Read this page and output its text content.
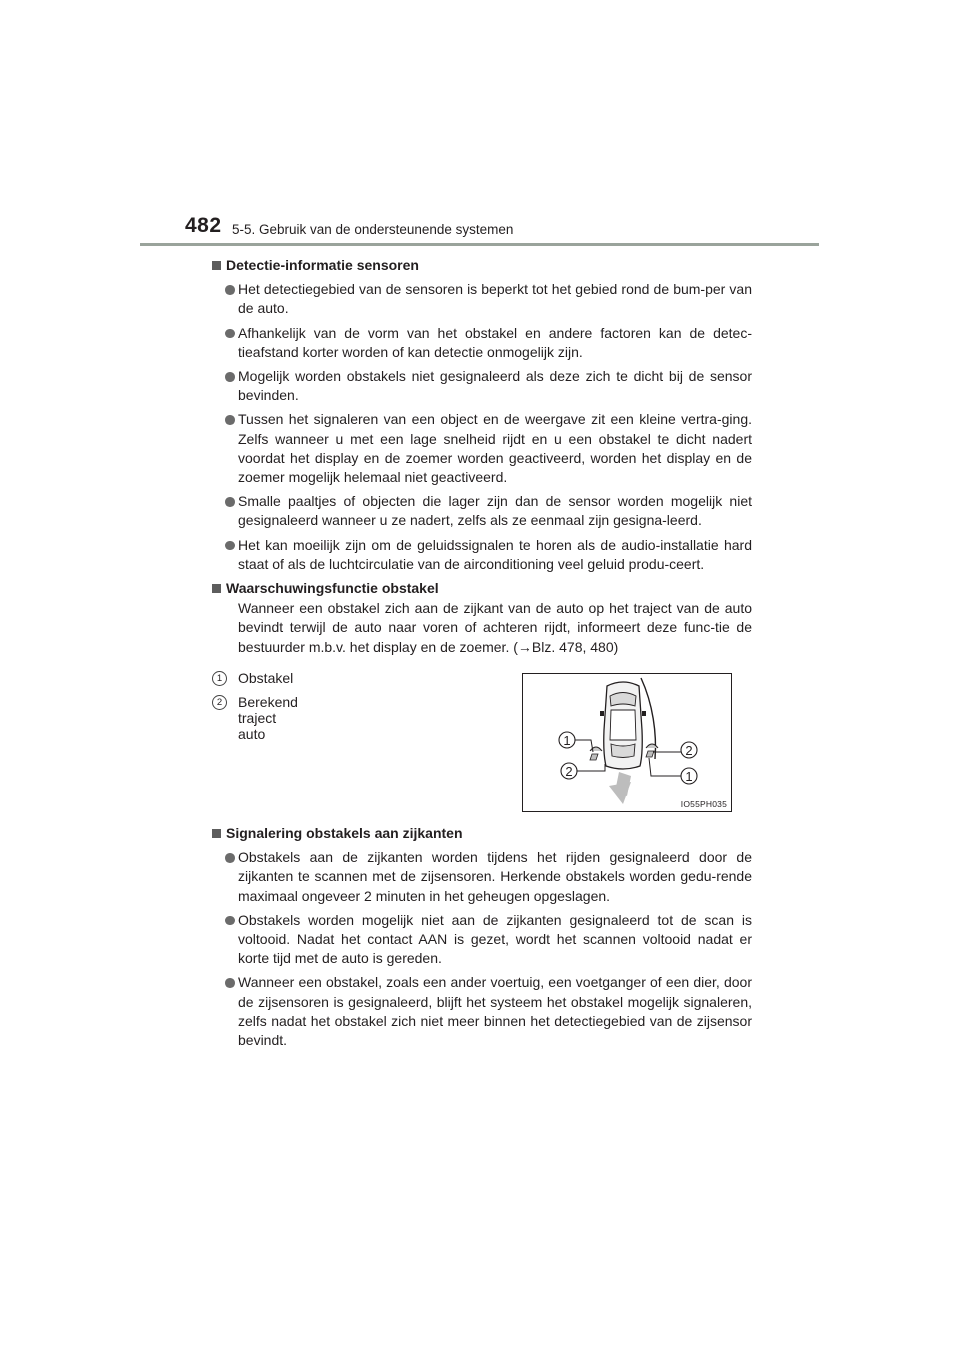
482 5-5. Gebruik van de ondersteunende systemen

Detectie-informatie sensoren

Het detectiegebied van de sensoren is beperkt tot het gebied rond de bum-per van de auto.

Afhankelijk van de vorm van het obstakel en andere factoren kan de detec-tieafstand korter worden of kan detectie onmogelijk zijn.

Mogelijk worden obstakels niet gesignaleerd als deze zich te dicht bij de sensor bevinden.

Tussen het signaleren van een object en de weergave zit een kleine vertra-ging. Zelfs wanneer u met een lage snelheid rijdt en u een obstakel te dicht nadert voordat het display en de zoemer worden geactiveerd, worden het display en de zoemer mogelijk helemaal niet geactiveerd.

Smalle paaltjes of objecten die lager zijn dan de sensor worden mogelijk niet gesignaleerd wanneer u ze nadert, zelfs als ze eenmaal zijn gesigna-leerd.

Het kan moeilijk zijn om de geluidssignalen te horen als de audio-installatie hard staat of als de luchtcirculatie van de airconditioning veel geluid produ-ceert.

Waarschuwingsfunctie obstakel

Wanneer een obstakel zich aan de zijkant van de auto op het traject van de auto bevindt terwijl de auto naar voren of achteren rijdt, informeert deze func-tie de bestuurder m.b.v. het display en de zoemer. (→Blz. 478, 480)

1	Obstakel
2	Berekend traject auto	1
2
2
1
IO55PH035

Signalering obstakels aan zijkanten

Obstakels aan de zijkanten worden tijdens het rijden gesignaleerd door de zijkanten te scannen met de zijsensoren. Herkende obstakels worden gedu-rende maximaal ongeveer 2 minuten in het geheugen opgeslagen.

Obstakels worden mogelijk niet aan de zijkanten gesignaleerd tot de scan is voltooid. Nadat het contact AAN is gezet, wordt het scannen voltooid nadat er korte tijd met de auto is gereden.

Wanneer een obstakel, zoals een ander voertuig, een voetganger of een dier, door de zijsensoren is gesignaleerd, blijft het systeem het obstakel mogelijk signaleren, zelfs nadat het obstakel zich niet meer binnen het detectiegebied van de zijsensor bevindt.
